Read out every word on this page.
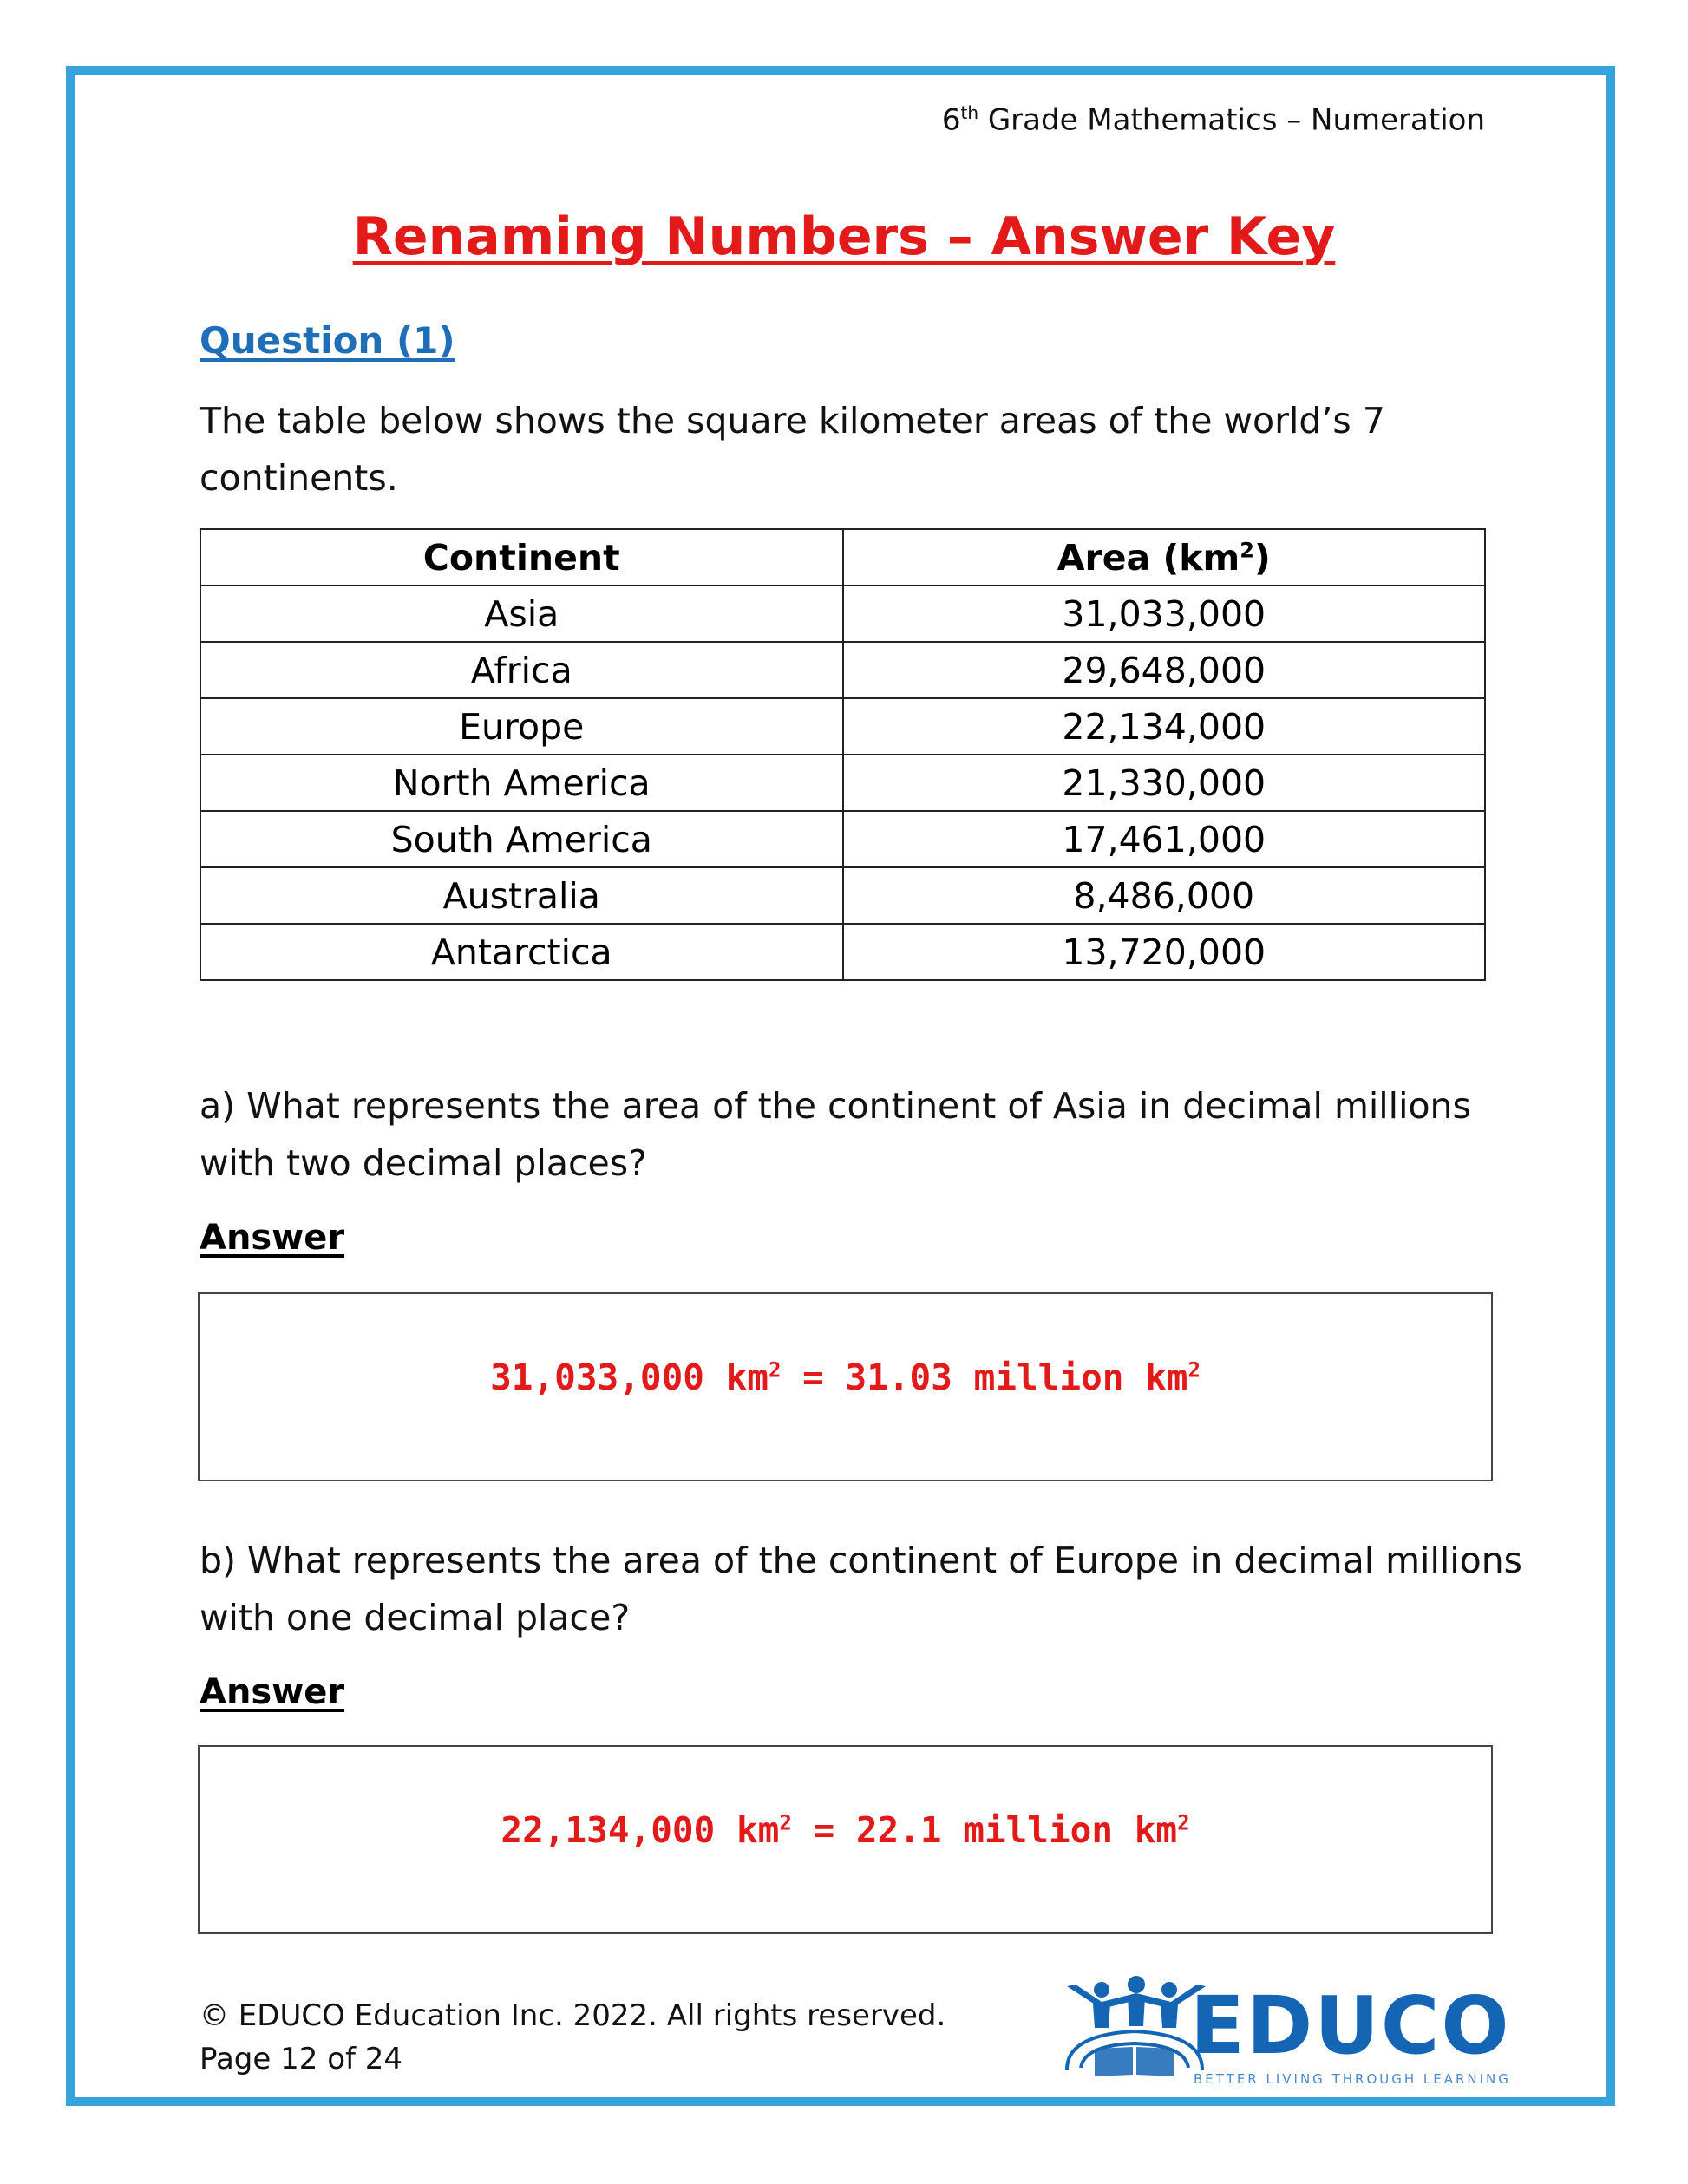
6th Grade Mathematics – Numeration
Renaming Numbers – Answer Key
Question (1)
The table below shows the square kilometer areas of the world’s 7 continents.
Continent	Area $(km^2)$
Asia	31,033,000
Africa	29,648,000
Europe	22,134,000
North America	21,330,000
South America	17,461,000
Australia	8,486,000
Antarctica	13,720,000
a) What represents the area of the continent of Asia in decimal millions with two decimal places?
Answer
31,033,000 $km^2 = 31.03$ million $km^2$
b) What represents the area of the continent of Europe in decimal millions with one decimal place?
Answer
22,134,000 $km^2 = 22.1$ million $km^2$
© EDUCO Education Inc. 2022. All rights reserved.
Page 12 of 24	EDUCO
BETTER LIVING THROUGH LEARNING
